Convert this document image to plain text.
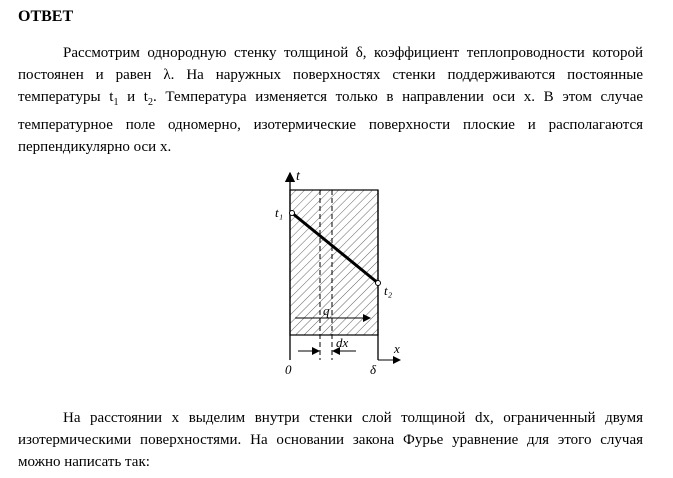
ОТВЕТ
Рассмотрим однородную стенку толщиной δ, коэффициент теплопроводности которой постоянен и равен λ. На наружных поверхностях стенки поддерживаются постоянные температуры $t_1$ и $t_2$. Температура изменяется только в направлении оси x. В этом случае температурное поле одномерно, изотермические поверхности плоские и располагаются перпендикулярно оси x.
t
t₁
t₂
q
dx	x
0	δ
На расстоянии x выделим внутри стенки слой толщиной dx, ограниченный двумя изотермическими поверхностями. На основании закона Фурье уравнение для этого случая можно написать так:
